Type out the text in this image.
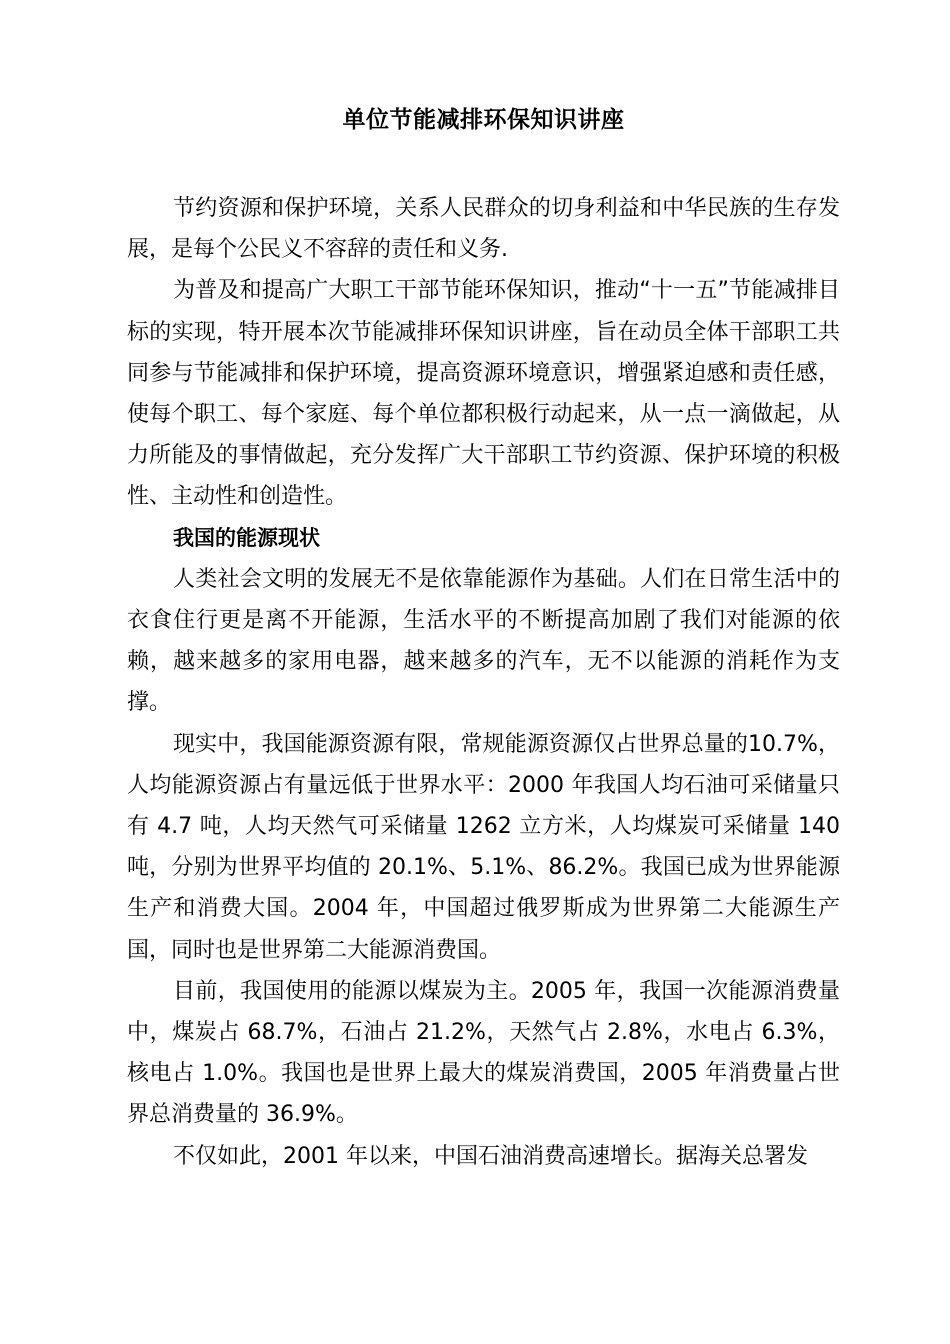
单位节能减排环保知识讲座

节约资源和保护环境，关系人民群众的切身利益和中华民族的生存发展，是每个公民义不容辞的责任和义务.

为普及和提高广大职工干部节能环保知识，推动“十一五”节能减排目标的实现，特开展本次节能减排环保知识讲座，旨在动员全体干部职工共同参与节能减排和保护环境，提高资源环境意识，增强紧迫感和责任感，使每个职工、每个家庭、每个单位都积极行动起来，从一点一滴做起，从力所能及的事情做起，充分发挥广大干部职工节约资源、保护环境的积极性、主动性和创造性。

我国的能源现状

人类社会文明的发展无不是依靠能源作为基础。人们在日常生活中的衣食住行更是离不开能源，生活水平的不断提高加剧了我们对能源的依赖，越来越多的家用电器，越来越多的汽车，无不以能源的消耗作为支撑。

现实中，我国能源资源有限，常规能源资源仅占世界总量的10.7%，人均能源资源占有量远低于世界水平：2000 年我国人均石油可采储量只有 4.7 吨，人均天然气可采储量 1262 立方米，人均煤炭可采储量 140 吨，分别为世界平均值的 20.1%、5.1%、86.2%。我国已成为世界能源生产和消费大国。2004 年，中国超过俄罗斯成为世界第二大能源生产国，同时也是世界第二大能源消费国。

目前，我国使用的能源以煤炭为主。2005 年，我国一次能源消费量中，煤炭占 68.7%，石油占 21.2%，天然气占 2.8%，水电占 6.3%，核电占 1.0%。我国也是世界上最大的煤炭消费国，2005 年消费量占世界总消费量的 36.9%。

不仅如此，2001 年以来，中国石油消费高速增长。据海关总署发
